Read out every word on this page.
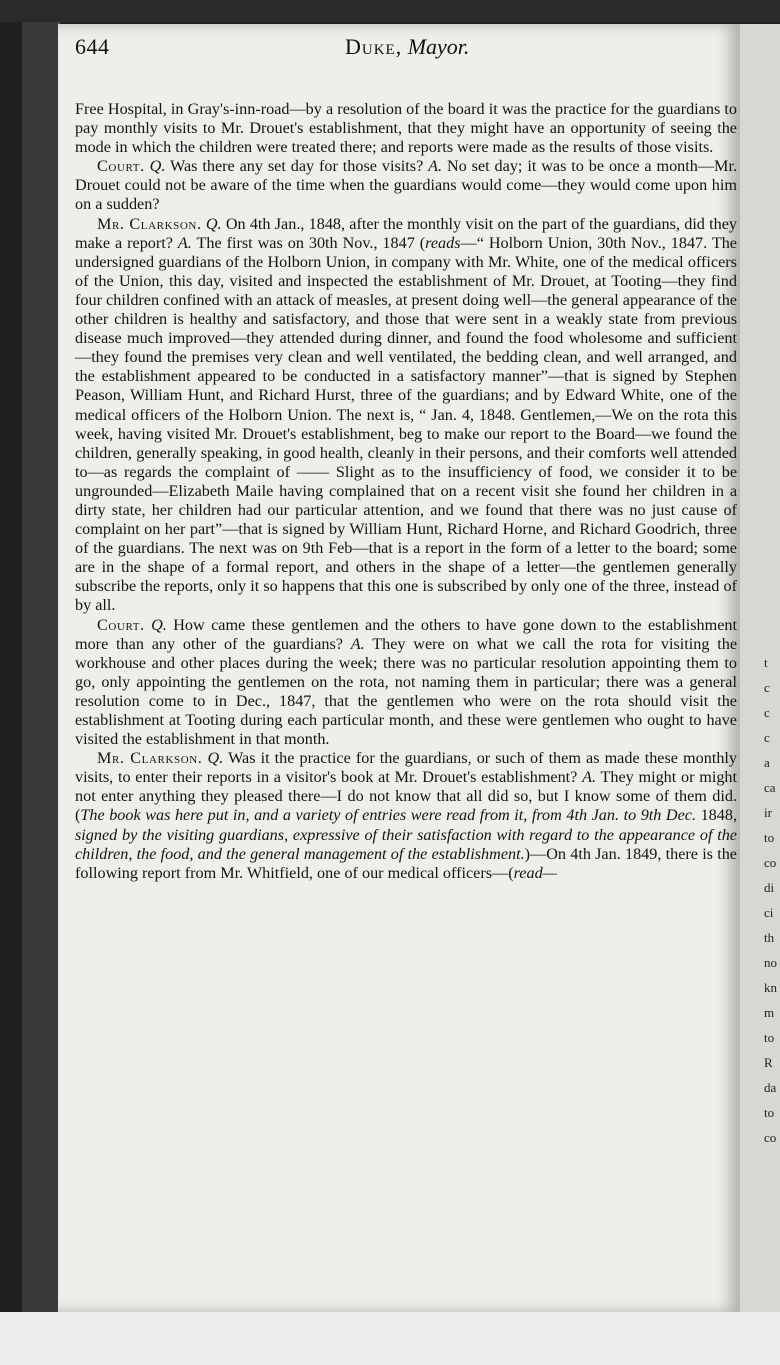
t
c
c
c
a
ca
ir
to
co
di
ci
th
no
kn
m
to
R
da
to
co
644	Duke, Mayor.

Free Hospital, in Gray's-inn-road—by a resolution of the board it was the practice for the guardians to pay monthly visits to Mr. Drouet's establishment, that they might have an opportunity of seeing the mode in which the children were treated there; and reports were made as the results of those visits.

Court. Q. Was there any set day for those visits? A. No set day; it was to be once a month—Mr. Drouet could not be aware of the time when the guardians would come—they would come upon him on a sudden?

Mr. Clarkson. Q. On 4th Jan., 1848, after the monthly visit on the part of the guardians, did they make a report? A. The first was on 30th Nov., 1847 (reads—“ Holborn Union, 30th Nov., 1847. The undersigned guardians of the Holborn Union, in company with Mr. White, one of the medical officers of the Union, this day, visited and inspected the establishment of Mr. Drouet, at Tooting—they find four children confined with an attack of measles, at present doing well—the general appearance of the other children is healthy and satisfactory, and those that were sent in a weakly state from previous disease much improved—they attended during dinner, and found the food wholesome and sufficient—they found the premises very clean and well ventilated, the bedding clean, and well arranged, and the establishment appeared to be conducted in a satisfactory manner”—that is signed by Stephen Peason, William Hunt, and Richard Hurst, three of the guardians; and by Edward White, one of the medical officers of the Holborn Union. The next is, “ Jan. 4, 1848. Gentlemen,—We on the rota this week, having visited Mr. Drouet's establishment, beg to make our report to the Board—we found the children, generally speaking, in good health, cleanly in their persons, and their comforts well attended to—as regards the complaint of —— Slight as to the insufficiency of food, we consider it to be ungrounded—Elizabeth Maile having complained that on a recent visit she found her children in a dirty state, her children had our particular attention, and we found that there was no just cause of complaint on her part”—that is signed by William Hunt, Richard Horne, and Richard Goodrich, three of the guardians. The next was on 9th Feb—that is a report in the form of a letter to the board; some are in the shape of a formal report, and others in the shape of a letter—the gentlemen generally subscribe the reports, only it so happens that this one is subscribed by only one of the three, instead of by all.

Court. Q. How came these gentlemen and the others to have gone down to the establishment more than any other of the guardians? A. They were on what we call the rota for visiting the workhouse and other places during the week; there was no particular resolution appointing them to go, only appointing the gentlemen on the rota, not naming them in particular; there was a general resolution come to in Dec., 1847, that the gentlemen who were on the rota should visit the establishment at Tooting during each particular month, and these were gentlemen who ought to have visited the establishment in that month.

Mr. Clarkson. Q. Was it the practice for the guardians, or such of them as made these monthly visits, to enter their reports in a visitor's book at Mr. Drouet's establishment? A. They might or might not enter anything they pleased there—I do not know that all did so, but I know some of them did. (The book was here put in, and a variety of entries were read from it, from 4th Jan. to 9th Dec. 1848, signed by the visiting guardians, expressive of their satisfaction with regard to the appearance of the children, the food, and the general management of the establishment.)—On 4th Jan. 1849, there is the following report from Mr. Whitfield, one of our medical officers—(read—
